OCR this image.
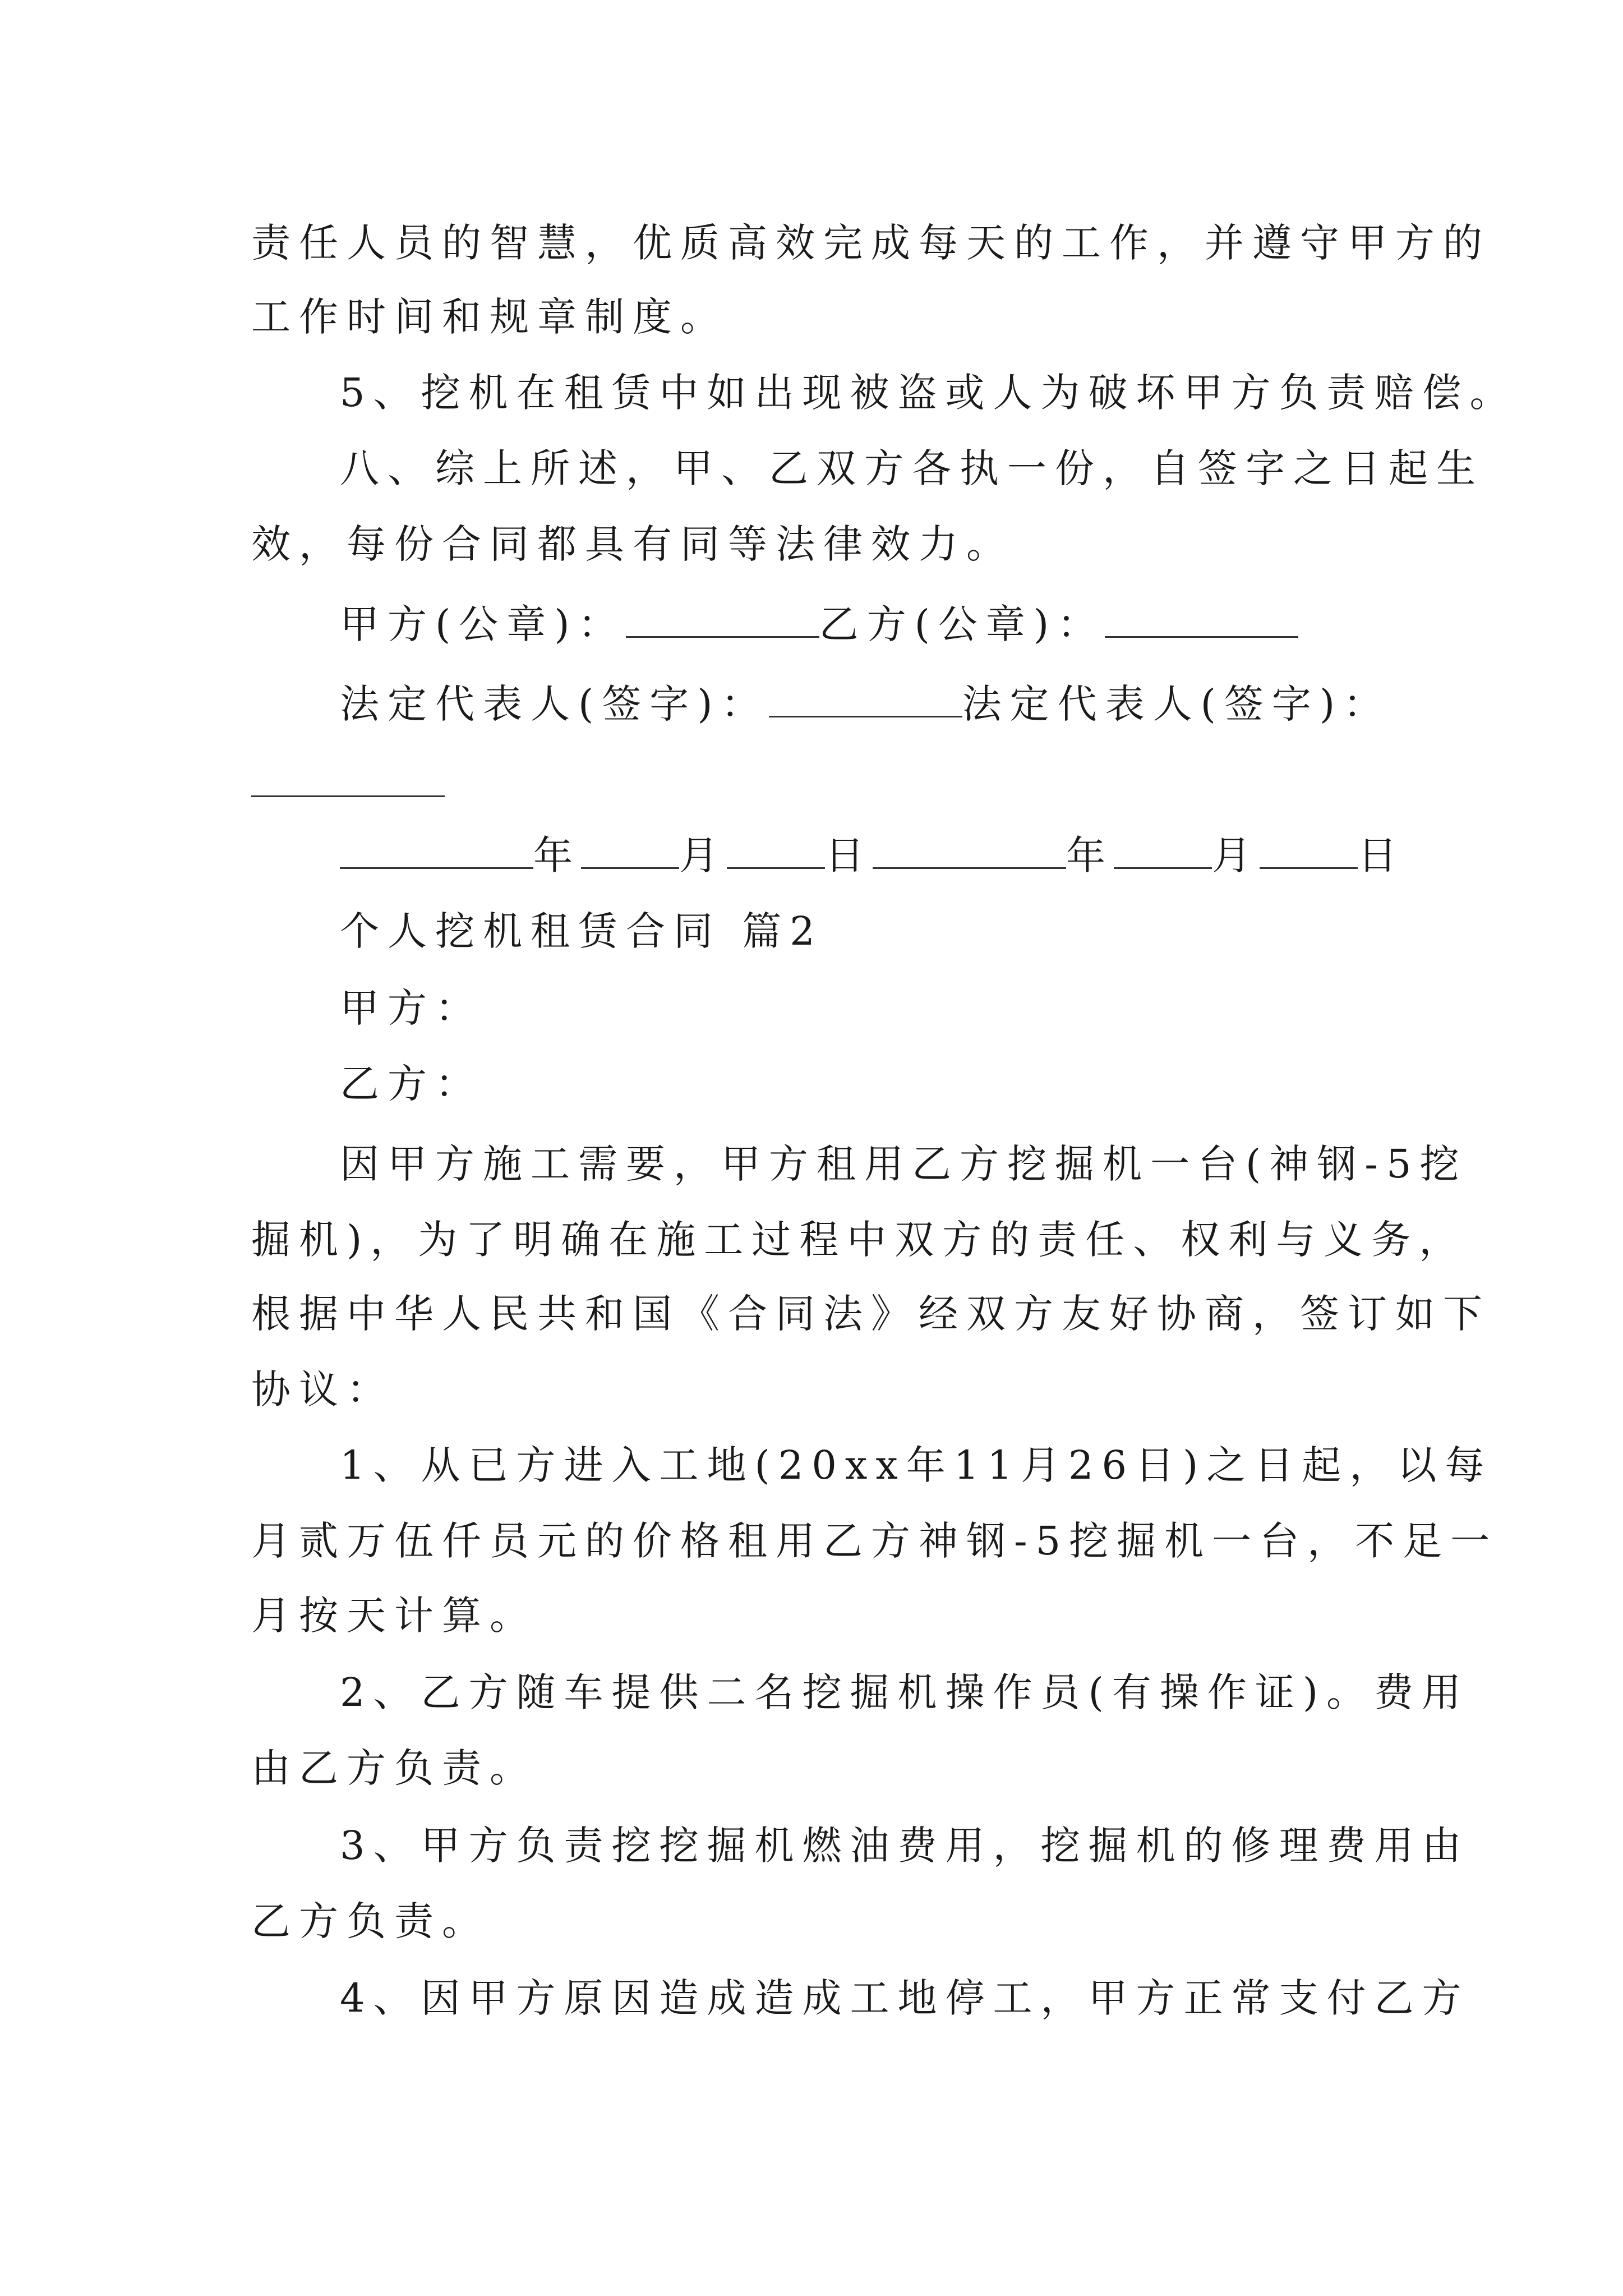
责任人员的智慧，优质高效完成每天的工作，并遵守甲方的
工作时间和规章制度。
5、挖机在租赁中如出现被盗或人为破坏甲方负责赔偿。
八、综上所述，甲、乙双方各执一份，自签字之日起生
效，每份合同都具有同等法律效力。
甲方(公章)：	乙方(公章)：
法定代表人(签字)：	法定代表人(签字)：
年	月	日	年	月	日
个人挖机租赁合同 篇2
甲方：
乙方：
因甲方施工需要，甲方租用乙方挖掘机一台(神钢-5挖
掘机)，为了明确在施工过程中双方的责任、权利与义务，
根据中华人民共和国《合同法》经双方友好协商，签订如下
协议：
1、从已方进入工地(20xx年11月26日)之日起，以每
月贰万伍仟员元的价格租用乙方神钢-5挖掘机一台，不足一
月按天计算。
2、乙方随车提供二名挖掘机操作员(有操作证)。费用
由乙方负责。
3、甲方负责挖挖掘机燃油费用，挖掘机的修理费用由
乙方负责。
4、因甲方原因造成造成工地停工，甲方正常支付乙方
